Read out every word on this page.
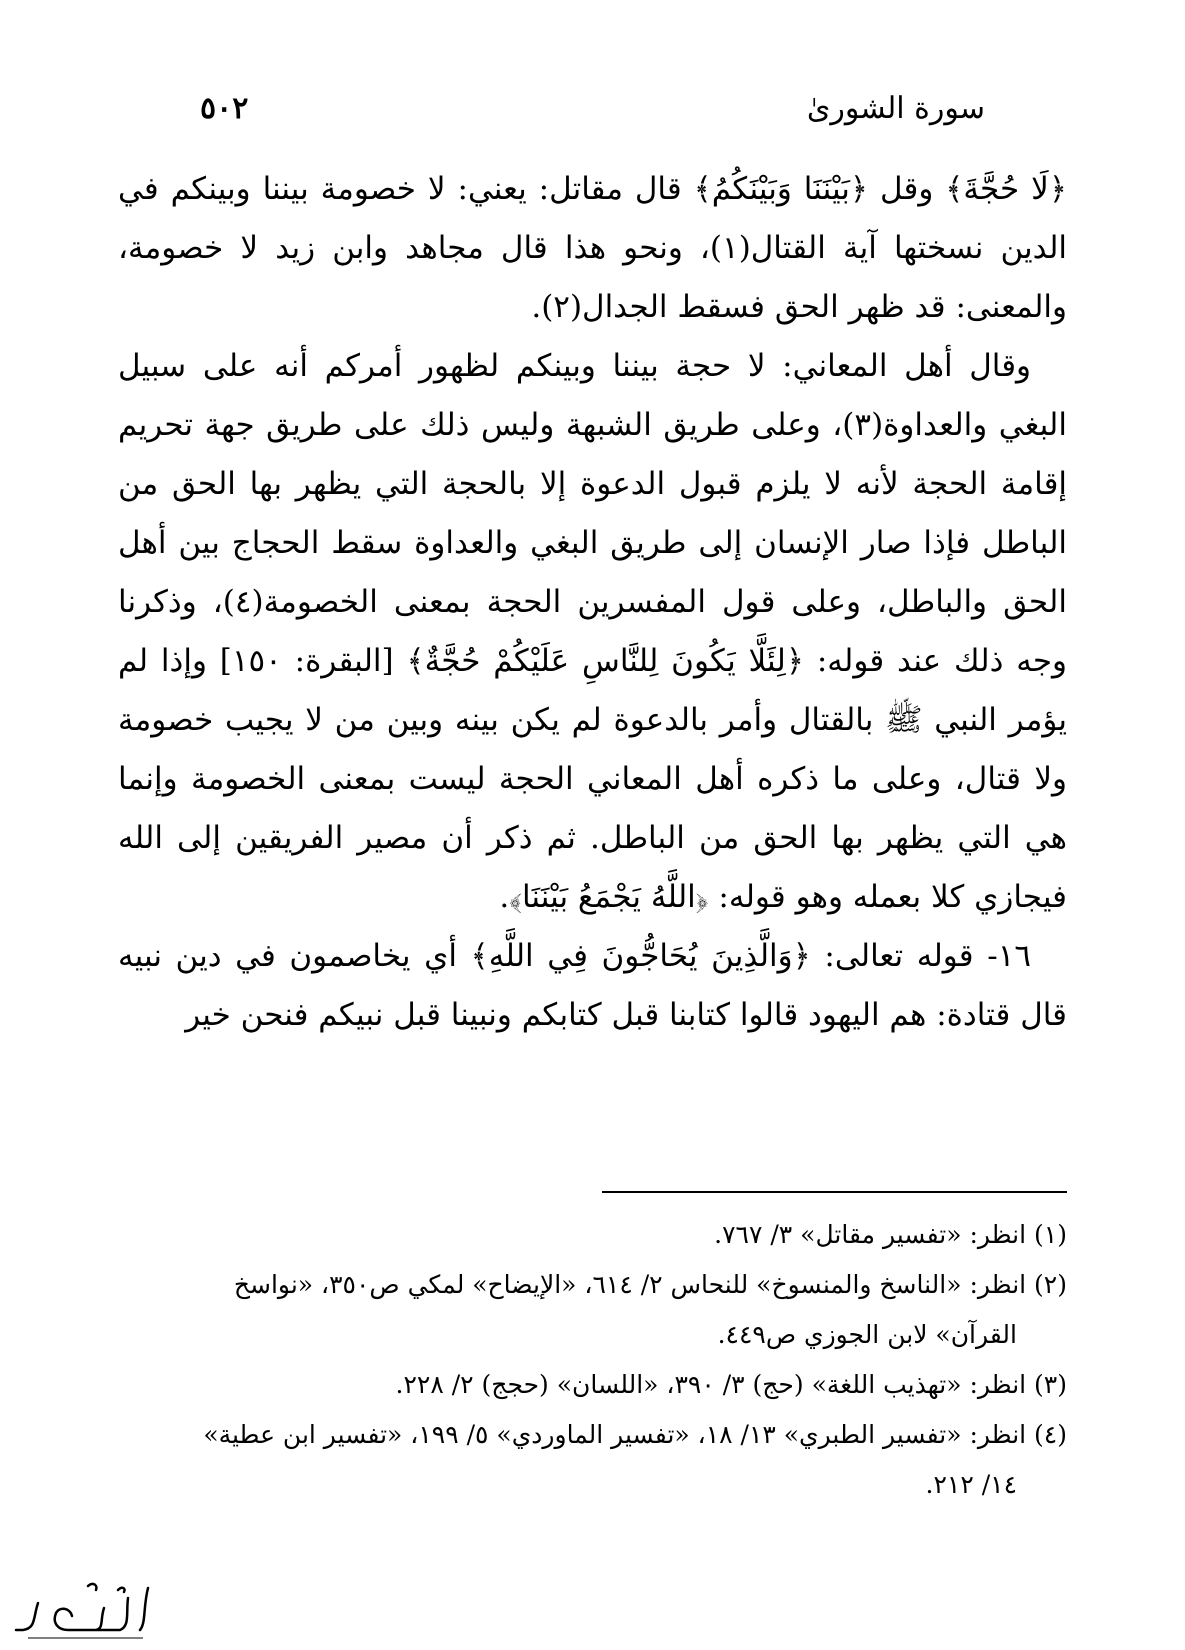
سورة الشورىٰ
٥٠٢

﴿لَا حُجَّةَ﴾ وقل ﴿بَيْنَنَا وَبَيْنَكُمُ﴾ قال مقاتل: يعني: لا خصومة بيننا وبينكم في الدين نسختها آية القتال(١)، ونحو هذا قال مجاهد وابن زيد لا خصومة، والمعنى: قد ظهر الحق فسقط الجدال(٢).

وقال أهل المعاني: لا حجة بيننا وبينكم لظهور أمركم أنه على سبيل البغي والعداوة(٣)، وعلى طريق الشبهة وليس ذلك على طريق جهة تحريم إقامة الحجة لأنه لا يلزم قبول الدعوة إلا بالحجة التي يظهر بها الحق من الباطل فإذا صار الإنسان إلى طريق البغي والعداوة سقط الحجاج بين أهل الحق والباطل، وعلى قول المفسرين الحجة بمعنى الخصومة(٤)، وذكرنا وجه ذلك عند قوله: ﴿لِئَلَّا يَكُونَ لِلنَّاسِ عَلَيْكُمْ حُجَّةٌ﴾ [البقرة: ١٥٠] وإذا لم يؤمر النبي ﷺ بالقتال وأمر بالدعوة لم يكن بينه وبين من لا يجيب خصومة ولا قتال، وعلى ما ذكره أهل المعاني الحجة ليست بمعنى الخصومة وإنما هي التي يظهر بها الحق من الباطل. ثم ذكر أن مصير الفريقين إلى الله فيجازي كلا بعمله وهو قوله: ﴿اللَّهُ يَجْمَعُ بَيْنَنَا﴾.

١٦- قوله تعالى: ﴿وَالَّذِينَ يُحَاجُّونَ فِي اللَّهِ﴾ أي يخاصمون في دين نبيه قال قتادة: هم اليهود قالوا كتابنا قبل كتابكم ونبينا قبل نبيكم فنحن خير

(١) انظر: «تفسير مقاتل» ٣/ ٧٦٧.

(٢) انظر: «الناسخ والمنسوخ» للنحاس ٢/ ٦١٤، «الإيضاح» لمكي ص٣٥٠، «نواسخ

القرآن» لابن الجوزي ص٤٤٩.

(٣) انظر: «تهذيب اللغة» (حج) ٣/ ٣٩٠، «اللسان» (حجج) ٢/ ٢٢٨.

(٤) انظر: «تفسير الطبري» ١٣/ ١٨، «تفسير الماوردي» ٥/ ١٩٩، «تفسير ابن عطية»

١٤/ ٢١٢.
